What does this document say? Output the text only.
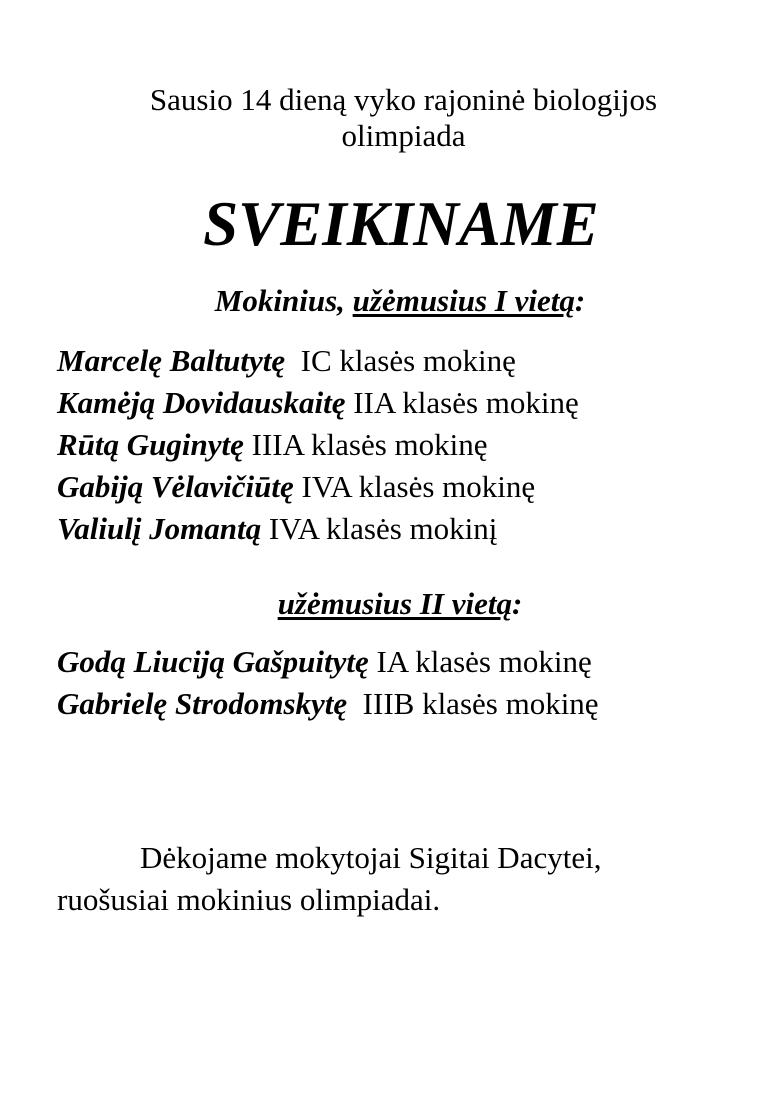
Sausio 14 dieną vyko rajoninė biologijos
olimpiada
SVEIKINAME
Mokinius, užėmusius I vietą:
Marcelę Baltutytę  IC klasės mokinę
Kamėją Dovidauskaitę IIA klasės mokinę
Rūtą Guginytę IIIA klasės mokinę
Gabiją Vėlavičiūtę IVA klasės mokinę
Valiulį Jomantą IVA klasės mokinį
užėmusius II vietą:
Godą Liuciją Gašpuitytę IA klasės mokinę
Gabrielę Strodomskytę  IIIB klasės mokinę
Dėkojame mokytojai Sigitai Dacytei,
ruošusiai mokinius olimpiadai.
